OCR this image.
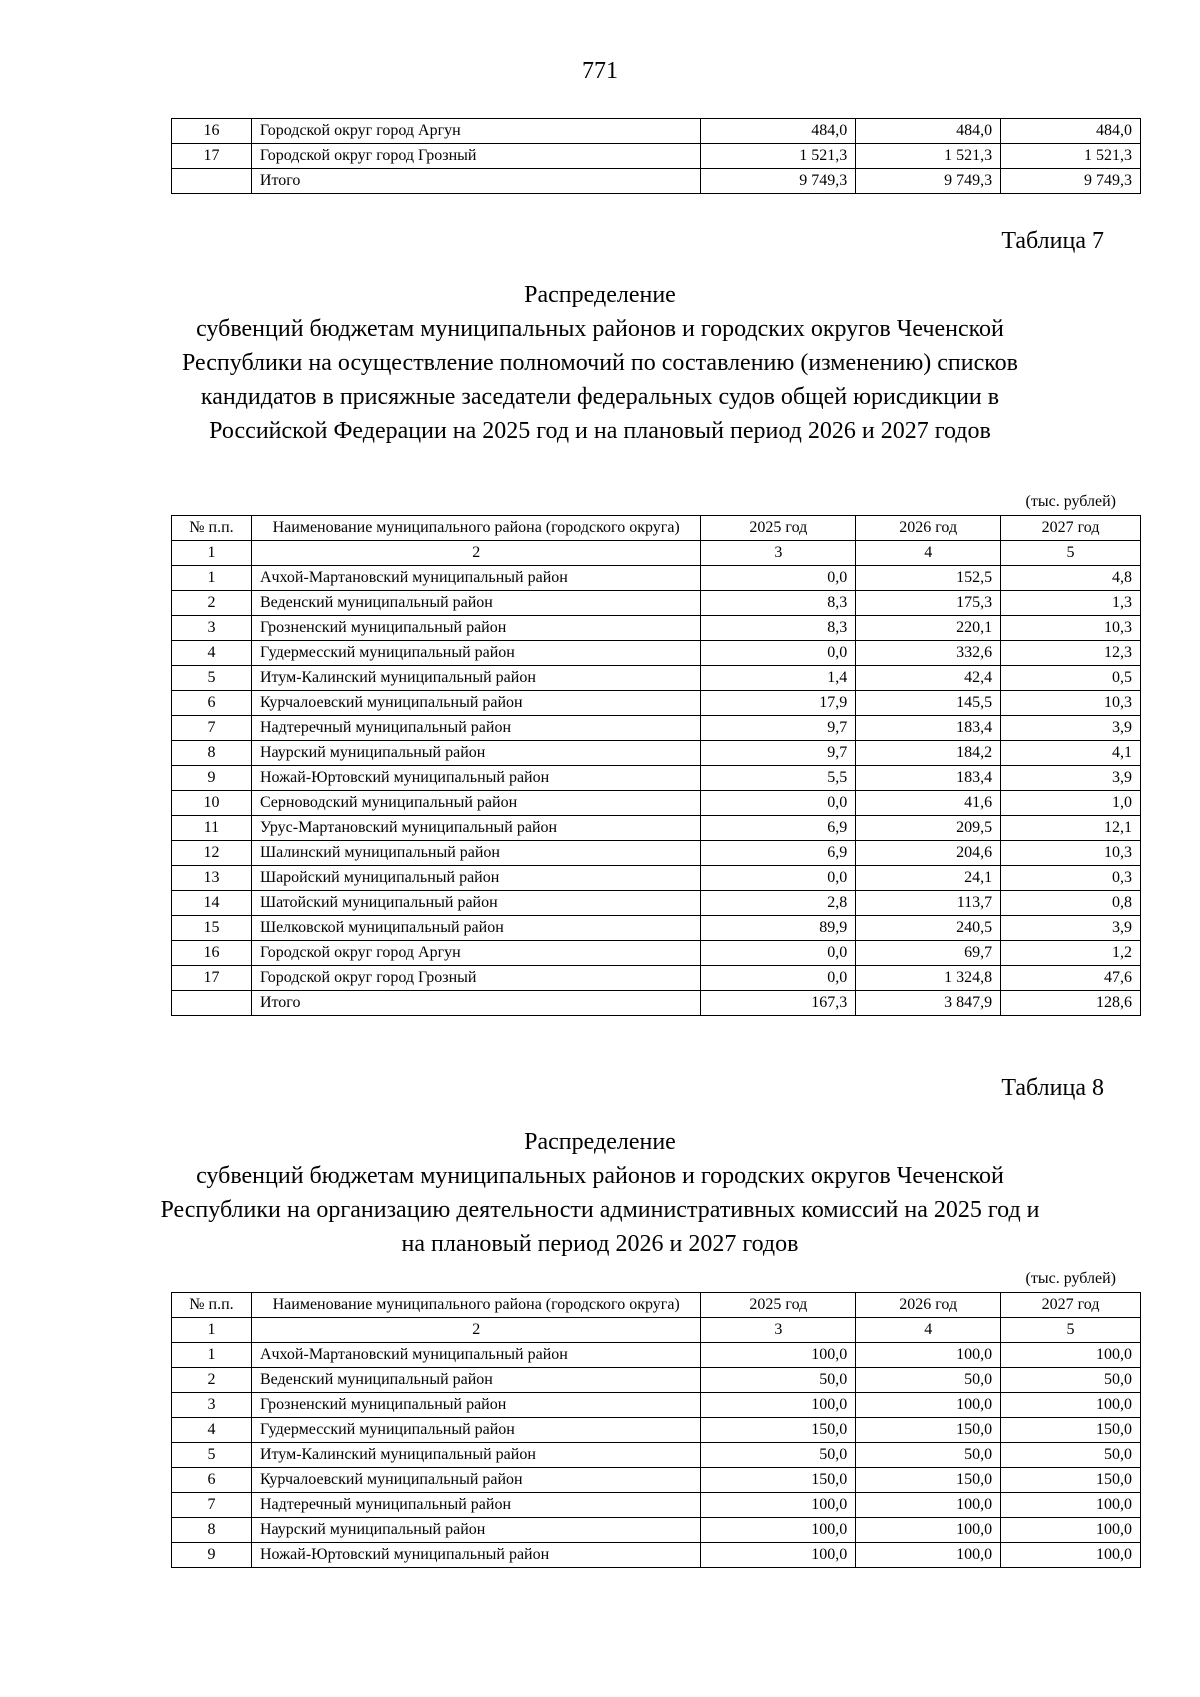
771
16	Городской округ город Аргун	484,0	484,0	484,0
17	Городской округ город Грозный	1 521,3	1 521,3	1 521,3
	Итого	9 749,3	9 749,3	9 749,3
Таблица 7
Распределение
субвенций бюджетам муниципальных районов и городских округов Чеченской Республики на осуществление полномочий по составлению (изменению) списков кандидатов в присяжные заседатели федеральных судов общей юрисдикции в Российской Федерации на 2025 год и на плановый период 2026 и 2027 годов
(тыс. рублей)
№ п.п.	Наименование муниципального района (городского округа)	2025 год	2026 год	2027 год
1	2	3	4	5
1	Ачхой-Мартановский муниципальный район	0,0	152,5	4,8
2	Веденский муниципальный район	8,3	175,3	1,3
3	Грозненский муниципальный район	8,3	220,1	10,3
4	Гудермесский муниципальный район	0,0	332,6	12,3
5	Итум-Калинский муниципальный район	1,4	42,4	0,5
6	Курчалоевский муниципальный район	17,9	145,5	10,3
7	Надтеречный муниципальный район	9,7	183,4	3,9
8	Наурский муниципальный район	9,7	184,2	4,1
9	Ножай-Юртовский муниципальный район	5,5	183,4	3,9
10	Серноводский муниципальный район	0,0	41,6	1,0
11	Урус-Мартановский муниципальный район	6,9	209,5	12,1
12	Шалинский муниципальный район	6,9	204,6	10,3
13	Шаройский муниципальный район	0,0	24,1	0,3
14	Шатойский муниципальный район	2,8	113,7	0,8
15	Шелковской муниципальный район	89,9	240,5	3,9
16	Городской округ город Аргун	0,0	69,7	1,2
17	Городской округ город Грозный	0,0	1 324,8	47,6
	Итого	167,3	3 847,9	128,6
Таблица 8
Распределение
субвенций бюджетам муниципальных районов и городских округов Чеченской Республики на организацию деятельности административных комиссий на 2025 год и на плановый период 2026 и 2027 годов
(тыс. рублей)
№ п.п.	Наименование муниципального района (городского округа)	2025 год	2026 год	2027 год
1	2	3	4	5
1	Ачхой-Мартановский муниципальный район	100,0	100,0	100,0
2	Веденский муниципальный район	50,0	50,0	50,0
3	Грозненский муниципальный район	100,0	100,0	100,0
4	Гудермесский муниципальный район	150,0	150,0	150,0
5	Итум-Калинский муниципальный район	50,0	50,0	50,0
6	Курчалоевский муниципальный район	150,0	150,0	150,0
7	Надтеречный муниципальный район	100,0	100,0	100,0
8	Наурский муниципальный район	100,0	100,0	100,0
9	Ножай-Юртовский муниципальный район	100,0	100,0	100,0
